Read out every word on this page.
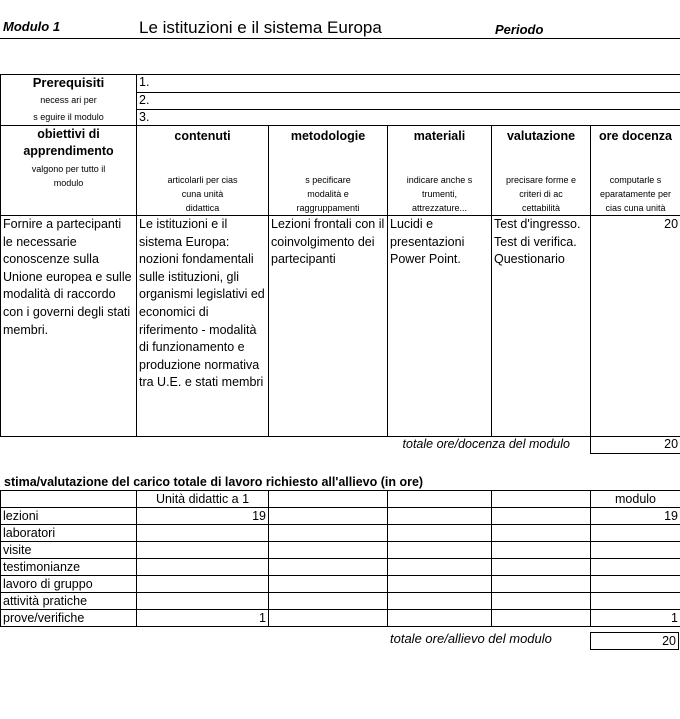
Modulo 1	Le istituzioni e il sistema Europa	Periodo
Prerequisiti	1.				
necess ari per	2.				
s eguire il modulo	3.				
obiettivi di apprendimento	contenuti	metodologie	materiali	valutazione	ore docenza
valgono per tutto il modulo	articolarli per cias cuna unità didattica	s pecificare modalità e raggruppamenti	indicare anche s trumenti, attrezzature...	precisare forme e criteri di ac cettabilità	computarle s eparatamente per cias cuna unità
Fornire a partecipanti le necessarie conoscenze sulla Unione europea e sulle modalità di raccordo con i governi degli stati membri.	Le istituzioni e il sistema Europa: nozioni fondamentali sulle istituzioni, gli organismi legislativi ed economici di riferimento - modalità di funzionamento e produzione normativa tra U.E. e stati membri	Lezioni frontali con il coinvolgimento dei partecipanti	Lucidi e presentazioni Power Point.	Test d'ingresso. Test di verifica. Questionario	20
totale ore/docenza del modulo					20
stima/valutazione del carico totale di lavoro richiesto all'allievo (in ore)
	Unità didattic a 1				modulo
lezioni	19				19
laboratori					
visite					
testimonianze					
lavoro di gruppo					
attività pratiche					
prove/verifiche	1				1
totale ore/allievo del modulo	20
